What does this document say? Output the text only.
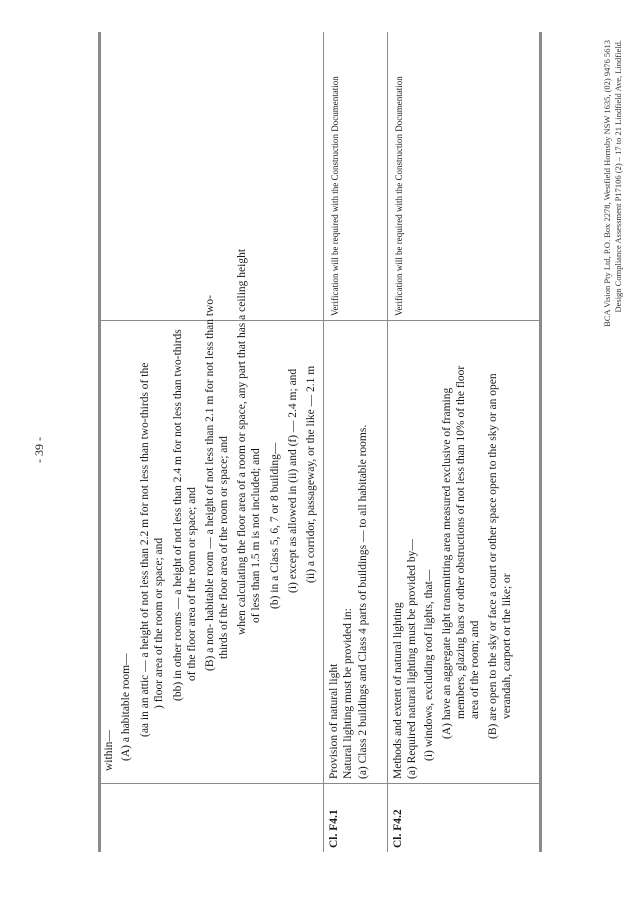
- 39 -
within— (A) a habitable room— (aa in an attic — a height of not less than 2.2 m for not less than two-thirds of the ) floor area of the room or space; and (bb) in other rooms — a height of not less than 2.4 m for not less than two-thirds of the floor area of the room or space; and (B) a non- habitable room — a height of not less than 2.1 m for not less than two- thirds of the floor area of the room or space; and when calculating the floor area of a room or space, any part that has a ceiling height of less than 1.5 m is not included; and (b) in a Class 5, 6, 7 or 8 building— (i) except as allowed in (ii) and (f) — 2.4 m; and (ii) a corridor, passageway, or the like — 2.1 m
Cl. F4.1
Provision of natural light Natural lighting must be provided in: (a) Class 2 buildings and Class 4 parts of buildings — to all habitable rooms.
Verification will be required with the Construction Documentation
Cl. F4.2
Methods and extent of natural lighting (a) Required natural lighting must be provided by— (i) windows, excluding roof lights, that— (A) have an aggregate light transmitting area measured exclusive of framing members, glazing bars or other obstructions of not less than 10% of the floor area of the room; and (B) are open to the sky or face a court or other space open to the sky or an open verandah, carport or the like; or
Verification will be required with the Construction Documentation	BCA Vision Pty Ltd, P.O. Box 2278, Westfield Hornsby NSW 1635, (02) 9476 5613 Design Compliance Assessment P17106 (2) – 17 to 21 Lindfield Ave, Lindfield.
